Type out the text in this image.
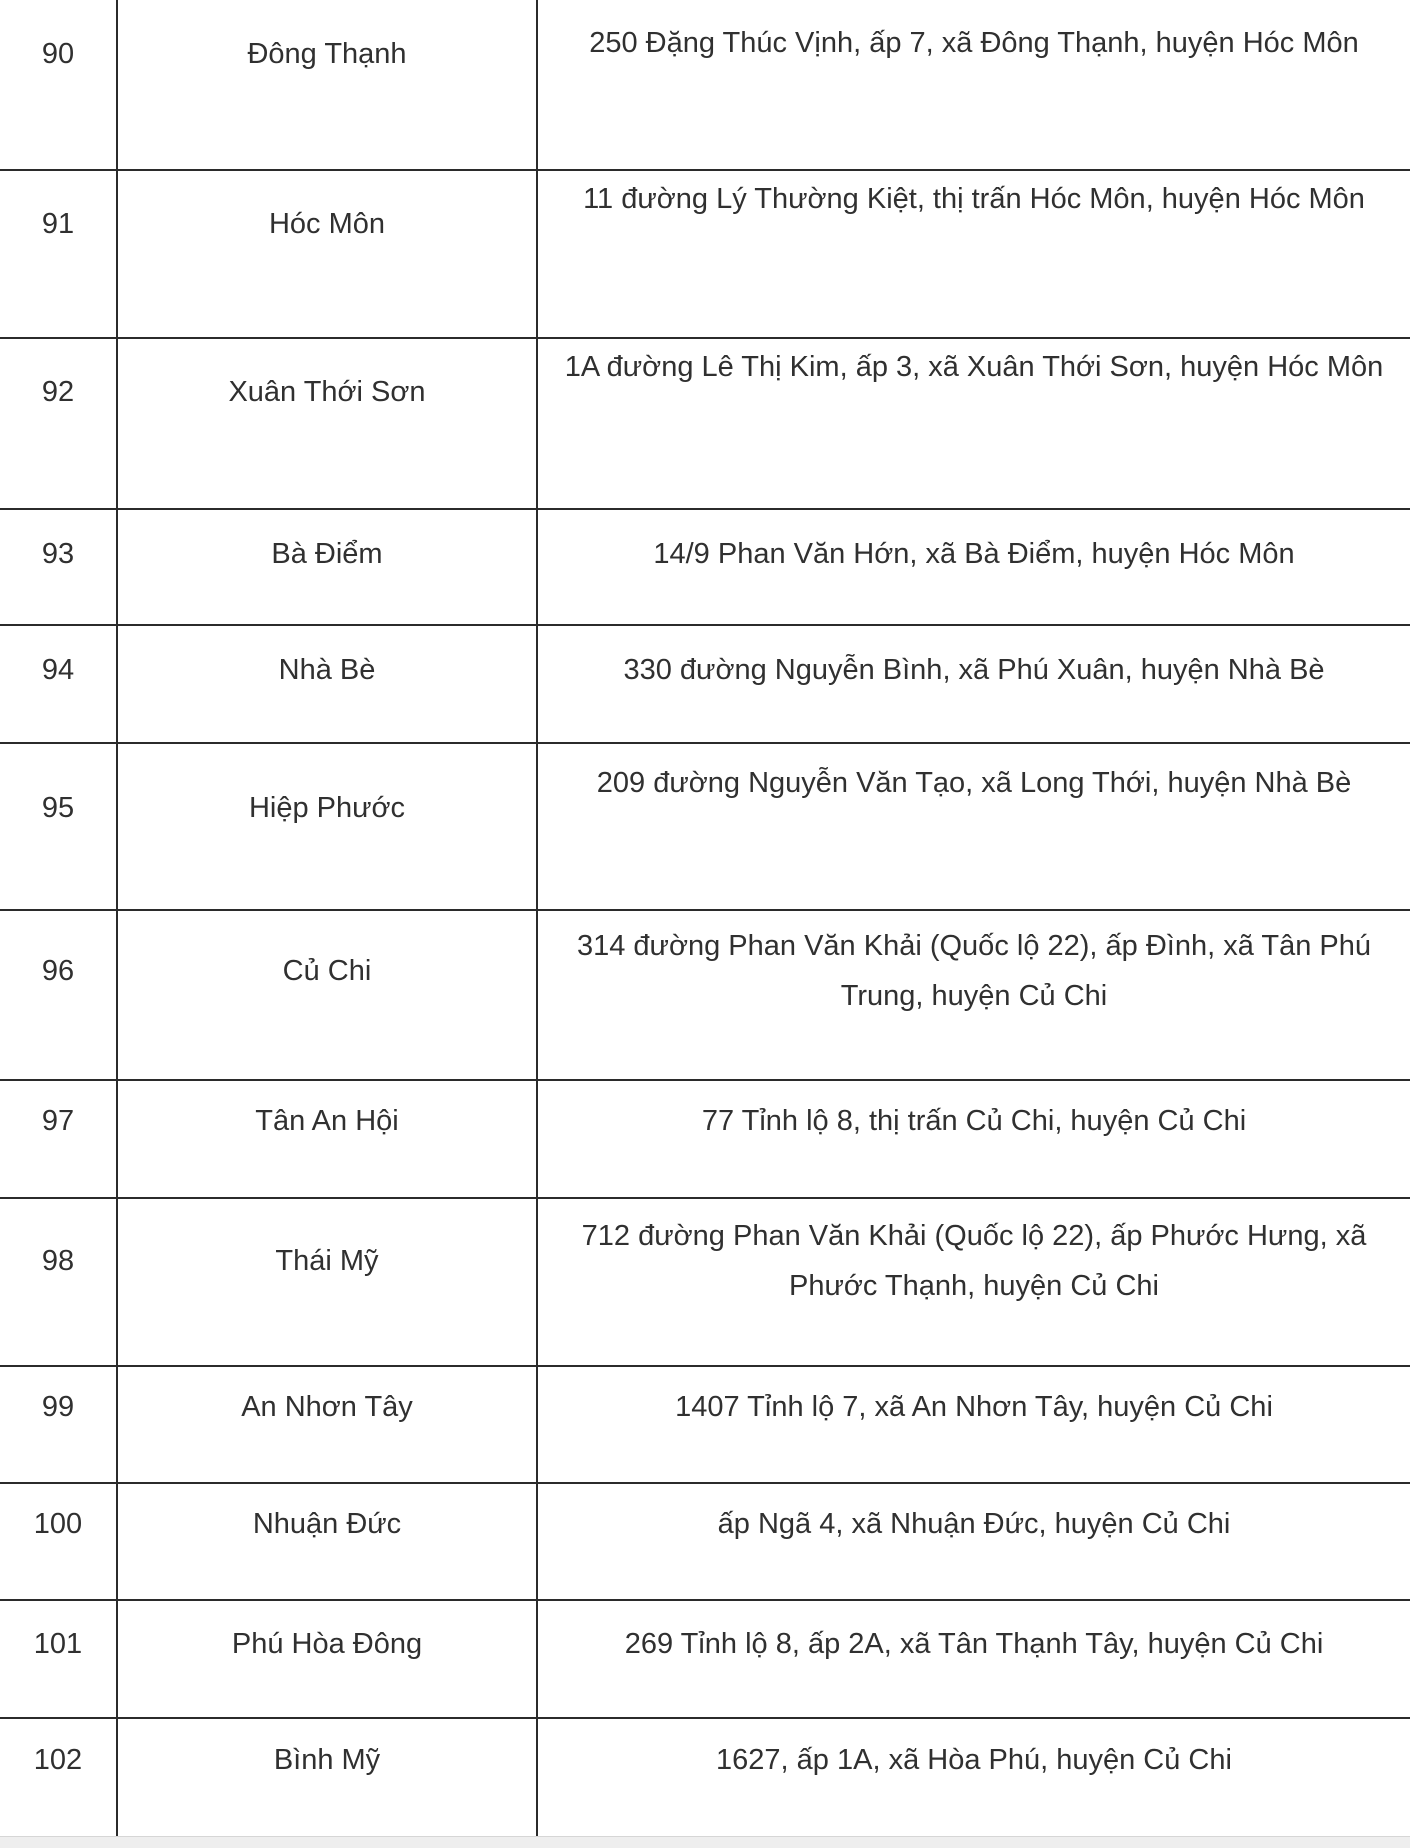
90	Đông Thạnh	250 Đặng Thúc Vịnh, ấp 7, xã Đông Thạnh, huyện Hóc Môn
91	Hóc Môn	11 đường Lý Thường Kiệt, thị trấn Hóc Môn, huyện Hóc Môn
92	Xuân Thới Sơn	1A đường Lê Thị Kim, ấp 3, xã Xuân Thới Sơn, huyện Hóc Môn
93	Bà Điểm	14/9 Phan Văn Hớn, xã Bà Điểm, huyện Hóc Môn
94	Nhà Bè	330 đường Nguyễn Bình, xã Phú Xuân, huyện Nhà Bè
95	Hiệp Phước	209 đường Nguyễn Văn Tạo, xã Long Thới, huyện Nhà Bè
96	Củ Chi	314 đường Phan Văn Khải (Quốc lộ 22), ấp Đình, xã Tân Phú Trung, huyện Củ Chi
97	Tân An Hội	77 Tỉnh lộ 8, thị trấn Củ Chi, huyện Củ Chi
98	Thái Mỹ	712 đường Phan Văn Khải (Quốc lộ 22), ấp Phước Hưng, xã Phước Thạnh, huyện Củ Chi
99	An Nhơn Tây	1407 Tỉnh lộ 7, xã An Nhơn Tây, huyện Củ Chi
100	Nhuận Đức	ấp Ngã 4, xã Nhuận Đức, huyện Củ Chi
101	Phú Hòa Đông	269 Tỉnh lộ 8, ấp 2A, xã Tân Thạnh Tây, huyện Củ Chi
102	Bình Mỹ	1627, ấp 1A, xã Hòa Phú, huyện Củ Chi
